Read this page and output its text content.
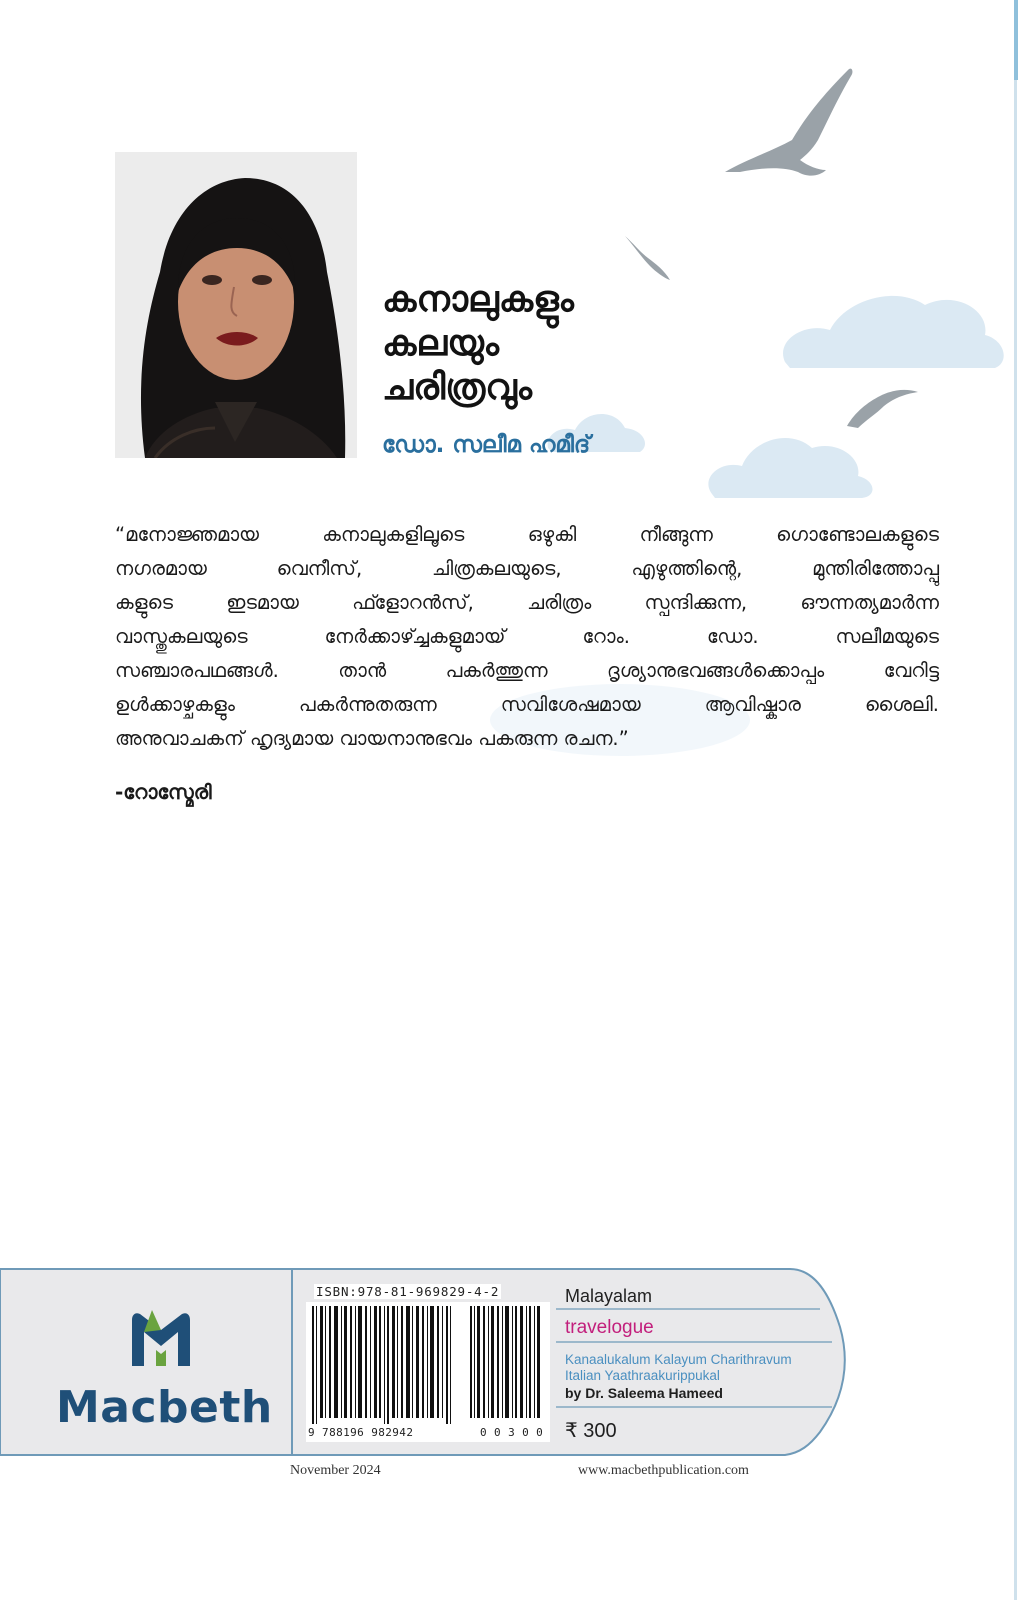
കനാലുകളും
കലയും
ചരിത്രവും
ഡോ. സലീമ ഹമീദ്
“മനോജ്ഞമായ കനാലുകളിലൂടെ ഒഴുകി നീങ്ങുന്ന ഗൊണ്ടോലകളുടെ
നഗരമായ വെനീസ്, ചിത്രകലയുടെ, എഴുത്തിന്റെ, മുന്തിരിത്തോപ്പു
കളുടെ ഇടമായ ഫ്ളോറൻസ്, ചരിത്രം സ്പന്ദിക്കുന്ന, ഔന്നത്യമാർന്ന
വാസ്തുകലയുടെ നേർക്കാഴ്ച്ചകളുമായ് റോം. ഡോ. സലീമയുടെ
സഞ്ചാരപഥങ്ങൾ. താൻ പകർത്തുന്ന ദൃശ്യാനുഭവങ്ങൾക്കൊപ്പം വേറിട്ട
ഉൾക്കാഴ്ചകളും പകർന്നുതരുന്ന സവിശേഷമായ ആവിഷ്കാര ശൈലി.
അനുവാചകന് ഹൃദ്യമായ വായനാനുഭവം പകരുന്ന രചന.”
-റോസ്മേരി
Macbeth
ISBN:978-81-969829-4-2
9 788196 982942	0 0 3 0 0
Malayalam
travelogue
Kanaalukalum Kalayum Charithravum
Italian Yaathraakurippukal
by Dr. Saleema Hameed
₹ 300
November 2024	www.macbethpublication.com
